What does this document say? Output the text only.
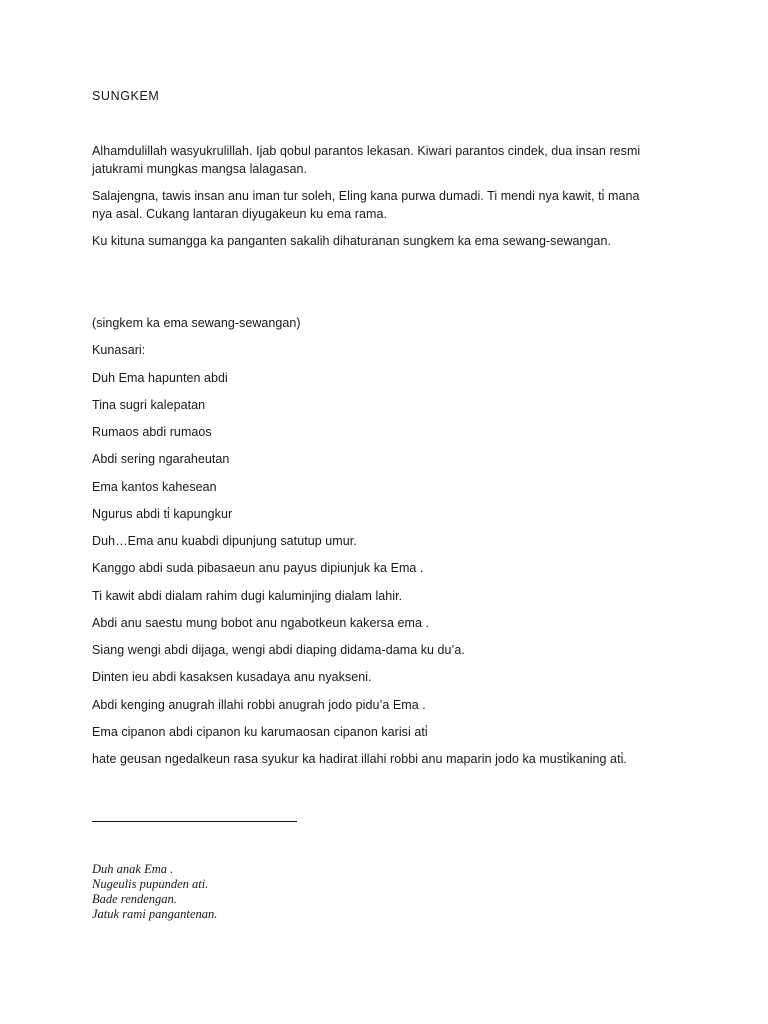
SUNGKEM
Alhamdulillah wasyukrulillah. Ijab qobul parantos lekasan. Kiwari parantos cindek, dua insan resmi
jatukrami mungkas mangsa lalagasan.
Salajengna, tawis insan anu iman tur soleh, Eling kana purwa dumadi. Ti mendi nya kawit, ti̇ mana
nya asal. Cukang lantaran diyugakeun ku ema rama.
Ku kituna sumangga ka panganten sakalih dihaturanan sungkem ka ema sewang-sewangan.
(singkem ka ema sewang-sewangan)
Kunasari:
Duh Ema hapunten abdi
Tina sugri kalepatan
Rumaos abdi rumaos
Abdi sering ngaraheutan
Ema kantos kahesean
Ngurus abdi ti̇ kapungkur
Duh…Ema anu kuabdi dipunjung satutup umur.
Kanggo abdi suda pibasaeun anu payus dipiunjuk ka Ema .
Ti kawit abdi dialam rahim dugi kaluminjing dialam lahir.
Abdi anu saestu mung bobot anu ngabotkeun kakersa ema .
Siang wengi abdi dijaga, wengi abdi diaping didama-dama ku du’a.
Dinten ieu abdi kasaksen kusadaya anu nyakseni.
Abdi kenging anugrah illahi robbi anugrah jodo pidu’a Ema .
Ema cipanon abdi cipanon ku karumaosan cipanon karisi ati̇
hate geusan ngedalkeun rasa syukur ka hadirat illahi robbi anu maparin jodo ka musti̇kaning ati̇.
Duh anak Ema .
Nugeulis pupunden ati.
Bade rendengan.
Jatuk rami pangantenan.
